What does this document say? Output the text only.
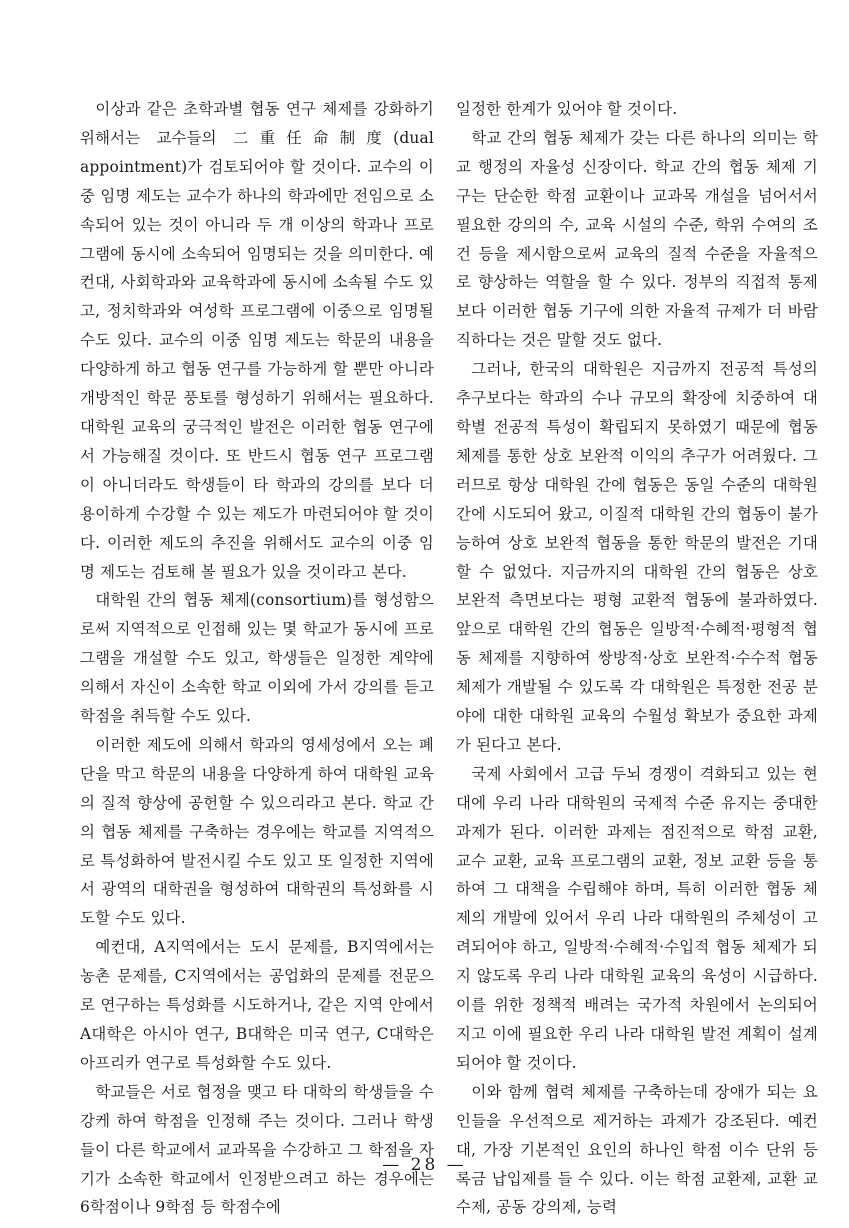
이상과 같은 초학과별 협동 연구 체제를 강화하기 위해서는 교수들의 二重任命制度(dual appointment)가 검토되어야 할 것이다. 교수의 이중 임명 제도는 교수가 하나의 학과에만 전임으로 소속되어 있는 것이 아니라 두 개 이상의 학과나 프로그램에 동시에 소속되어 임명되는 것을 의미한다. 예컨대, 사회학과와 교육학과에 동시에 소속될 수도 있고, 정치학과와 여성학 프로그램에 이중으로 임명될 수도 있다. 교수의 이중 임명 제도는 학문의 내용을 다양하게 하고 협동 연구를 가능하게 할 뿐만 아니라 개방적인 학문 풍토를 형성하기 위해서는 필요하다. 대학원 교육의 궁극적인 발전은 이러한 협동 연구에서 가능해질 것이다. 또 반드시 협동 연구 프로그램이 아니더라도 학생들이 타 학과의 강의를 보다 더 용이하게 수강할 수 있는 제도가 마련되어야 할 것이다. 이러한 제도의 추진을 위해서도 교수의 이중 임명 제도는 검토해 볼 필요가 있을 것이라고 본다.

대학원 간의 협동 체제(consortium)를 형성함으로써 지역적으로 인접해 있는 몇 학교가 동시에 프로그램을 개설할 수도 있고, 학생들은 일정한 계약에 의해서 자신이 소속한 학교 이외에 가서 강의를 듣고 학점을 취득할 수도 있다.

이러한 제도에 의해서 학과의 영세성에서 오는 폐단을 막고 학문의 내용을 다양하게 하여 대학원 교육의 질적 향상에 공헌할 수 있으리라고 본다. 학교 간의 협동 체제를 구축하는 경우에는 학교를 지역적으로 특성화하여 발전시킬 수도 있고 또 일정한 지역에서 광역의 대학권을 형성하여 대학권의 특성화를 시도할 수도 있다.

예컨대, A지역에서는 도시 문제를, B지역에서는 농촌 문제를, C지역에서는 공업화의 문제를 전문으로 연구하는 특성화를 시도하거나, 같은 지역 안에서 A대학은 아시아 연구, B대학은 미국 연구, C대학은 아프리카 연구로 특성화할 수도 있다.

학교들은 서로 협정을 맺고 타 대학의 학생들을 수강케 하여 학점을 인정해 주는 것이다. 그러나 학생들이 다른 학교에서 교과목을 수강하고 그 학점을 자기가 소속한 학교에서 인정받으려고 하는 경우에는 6학점이나 9학점 등 학점수에

일정한 한계가 있어야 할 것이다.

학교 간의 협동 체제가 갖는 다른 하나의 의미는 학교 행정의 자율성 신장이다. 학교 간의 협동 체제 기구는 단순한 학점 교환이나 교과목 개설을 넘어서서 필요한 강의의 수, 교육 시설의 수준, 학위 수여의 조건 등을 제시함으로써 교육의 질적 수준을 자율적으로 향상하는 역할을 할 수 있다. 정부의 직접적 통제보다 이러한 협동 기구에 의한 자율적 규제가 더 바람직하다는 것은 말할 것도 없다.

그러나, 한국의 대학원은 지금까지 전공적 특성의 추구보다는 학과의 수나 규모의 확장에 치중하여 대학별 전공적 특성이 확립되지 못하였기 때문에 협동 체제를 통한 상호 보완적 이익의 추구가 어려웠다. 그러므로 항상 대학원 간에 협동은 동일 수준의 대학원 간에 시도되어 왔고, 이질적 대학원 간의 협동이 불가능하여 상호 보완적 협동을 통한 학문의 발전은 기대할 수 없었다. 지금까지의 대학원 간의 협동은 상호 보완적 측면보다는 평형 교환적 협동에 불과하였다. 앞으로 대학원 간의 협동은 일방적·수혜적·평형적 협동 체제를 지향하여 쌍방적·상호 보완적·수수적 협동 체제가 개발될 수 있도록 각 대학원은 특정한 전공 분야에 대한 대학원 교육의 수월성 확보가 중요한 과제가 된다고 본다.

국제 사회에서 고급 두뇌 경쟁이 격화되고 있는 현대에 우리 나라 대학원의 국제적 수준 유지는 중대한 과제가 된다. 이러한 과제는 점진적으로 학점 교환, 교수 교환, 교육 프로그램의 교환, 정보 교환 등을 통하여 그 대책을 수립해야 하며, 특히 이러한 협동 체제의 개발에 있어서 우리 나라 대학원의 주체성이 고려되어야 하고, 일방적·수혜적·수입적 협동 체제가 되지 않도록 우리 나라 대학원 교육의 육성이 시급하다. 이를 위한 정책적 배려는 국가적 차원에서 논의되어 지고 이에 필요한 우리 나라 대학원 발전 계획이 설계되어야 할 것이다.

이와 함께 협력 체제를 구축하는데 장애가 되는 요인들을 우선적으로 제거하는 과제가 강조된다. 예컨대, 가장 기본적인 요인의 하나인 학점 이수 단위 등록금 납입제를 들 수 있다. 이는 학점 교환제, 교환 교수제, 공동 강의제, 능력

— 28 —
